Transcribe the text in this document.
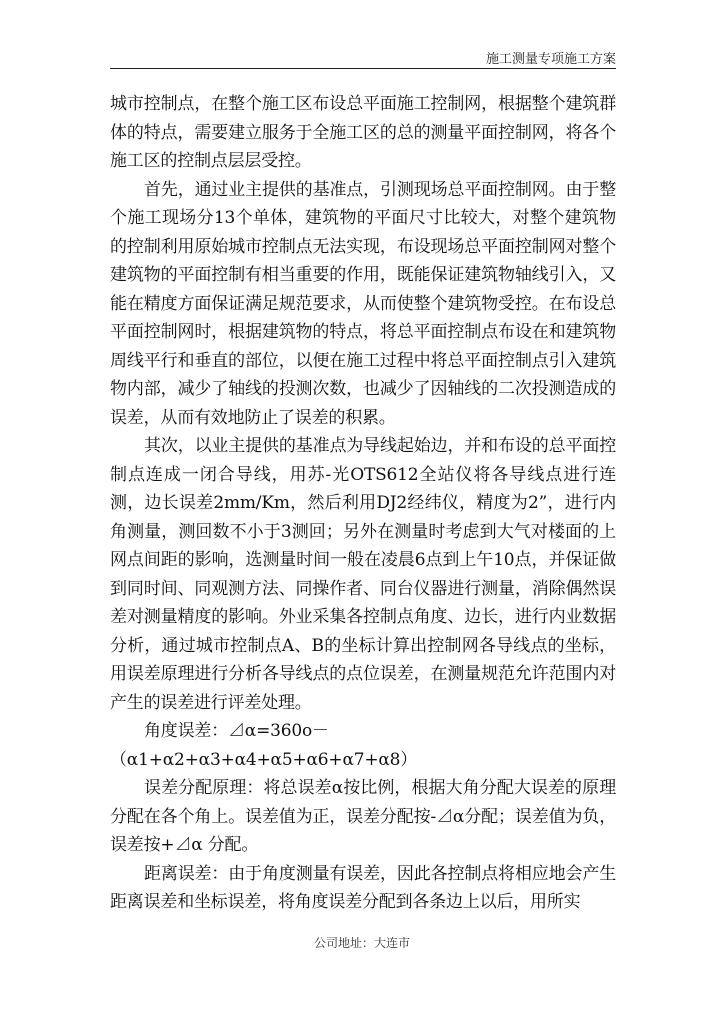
施工测量专项施工方案

城市控制点，在整个施工区布设总平面施工控制网，根据整个建筑群体的特点，需要建立服务于全施工区的总的测量平面控制网，将各个施工区的控制点层层受控。

首先，通过业主提供的基准点，引测现场总平面控制网。由于整个施工现场分13个单体，建筑物的平面尺寸比较大，对整个建筑物的控制利用原始城市控制点无法实现，布设现场总平面控制网对整个建筑物的平面控制有相当重要的作用，既能保证建筑物轴线引入，又能在精度方面保证满足规范要求，从而使整个建筑物受控。在布设总平面控制网时，根据建筑物的特点，将总平面控制点布设在和建筑物周线平行和垂直的部位，以便在施工过程中将总平面控制点引入建筑物内部，减少了轴线的投测次数，也减少了因轴线的二次投测造成的误差，从而有效地防止了误差的积累。

其次，以业主提供的基准点为导线起始边，并和布设的总平面控制点连成一闭合导线，用苏-光OTS612全站仪将各导线点进行连测，边长误差2mm/Km，然后利用DJ2经纬仪，精度为2”，进行内角测量，测回数不小于3测回；另外在测量时考虑到大气对楼面的上网点间距的影响，选测量时间一般在凌晨6点到上午10点，并保证做到同时间、同观测方法、同操作者、同台仪器进行测量，消除偶然误差对测量精度的影响。外业采集各控制点角度、边长，进行内业数据分析，通过城市控制点A、B的坐标计算出控制网各导线点的坐标，用误差原理进行分析各导线点的点位误差，在测量规范允许范围内对产生的误差进行评差处理。

角度误差：⊿α=360ο－

（α1+α2+α3+α4+α5+α6+α7+α8）

误差分配原理：将总误差α按比例，根据大角分配大误差的原理分配在各个角上。误差值为正，误差分配按-⊿α分配；误差值为负，误差按+⊿α 分配。

距离误差：由于角度测量有误差，因此各控制点将相应地会产生距离误差和坐标误差，将角度误差分配到各条边上以后，用所实

公司地址：大连市
